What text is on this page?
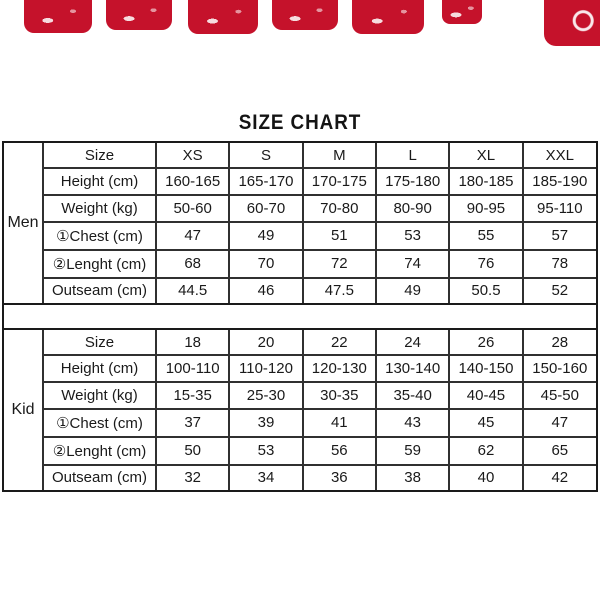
SIZE CHART
Men
Size	XS	S	M	L	XL	XXL
Height (cm)	160-165	165-170	170-175	175-180	180-185	185-190
Weight (kg)	50-60	60-70	70-80	80-90	90-95	95-110
①Chest (cm)	47	49	51	53	55	57
②Lenght (cm)	68	70	72	74	76	78
Outseam (cm)	44.5	46	47.5	49	50.5	52
Kid
Size	18	20	22	24	26	28
Height (cm)	100-110	110-120	120-130	130-140	140-150	150-160
Weight (kg)	15-35	25-30	30-35	35-40	40-45	45-50
①Chest (cm)	37	39	41	43	45	47
②Lenght (cm)	50	53	56	59	62	65
Outseam (cm)	32	34	36	38	40	42
